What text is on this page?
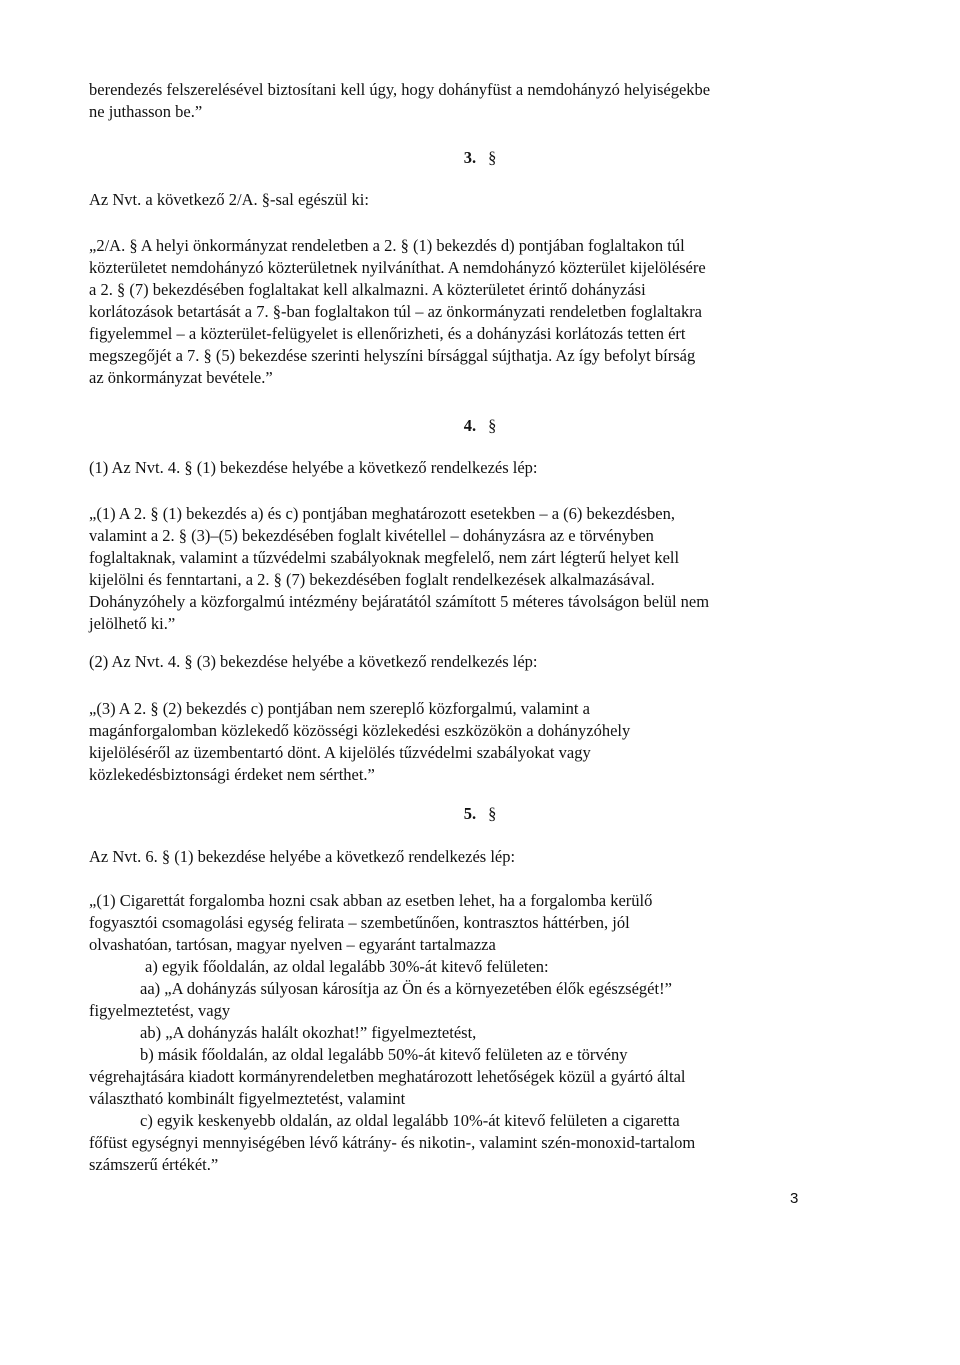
berendezés felszerelésével biztosítani kell úgy, hogy dohányfüst a nemdohányzó helyiségekbe
ne juthasson be.”
3. §
Az Nvt. a következő 2/A. §-sal egészül ki:
„2/A. § A helyi önkormányzat rendeletben a 2. § (1) bekezdés d) pontjában foglaltakon túl
közterületet nemdohányzó közterületnek nyilváníthat. A nemdohányzó közterület kijelölésére
a 2. § (7) bekezdésében foglaltakat kell alkalmazni. A közterületet érintő dohányzási
korlátozások betartását a 7. §-ban foglaltakon túl – az önkormányzati rendeletben foglaltakra
figyelemmel – a közterület-felügyelet is ellenőrizheti, és a dohányzási korlátozás tetten ért
megszegőjét a 7. § (5) bekezdése szerinti helyszíni bírsággal sújthatja. Az így befolyt bírság
az önkormányzat bevétele.”
4. §
(1) Az Nvt. 4. § (1) bekezdése helyébe a következő rendelkezés lép:
„(1) A 2. § (1) bekezdés a) és c) pontjában meghatározott esetekben – a (6) bekezdésben,
valamint a 2. § (3)–(5) bekezdésében foglalt kivétellel – dohányzásra az e törvényben
foglaltaknak, valamint a tűzvédelmi szabályoknak megfelelő, nem zárt légterű helyet kell
kijelölni és fenntartani, a 2. § (7) bekezdésében foglalt rendelkezések alkalmazásával.
Dohányzóhely a közforgalmú intézmény bejáratától számított 5 méteres távolságon belül nem
jelölhető ki.”
(2) Az Nvt. 4. § (3) bekezdése helyébe a következő rendelkezés lép:
„(3) A 2. § (2) bekezdés c) pontjában nem szereplő közforgalmú, valamint a
magánforgalomban közlekedő közösségi közlekedési eszközökön a dohányzóhely
kijelöléséről az üzembentartó dönt. A kijelölés tűzvédelmi szabályokat vagy
közlekedésbiztonsági érdeket nem sérthet.”
5. §
Az Nvt. 6. § (1) bekezdése helyébe a következő rendelkezés lép:
„(1) Cigarettát forgalomba hozni csak abban az esetben lehet, ha a forgalomba kerülő
fogyasztói csomagolási egység felirata – szembetűnően, kontrasztos háttérben, jól
olvashatóan, tartósan, magyar nyelven – egyaránt tartalmazza
a) egyik főoldalán, az oldal legalább 30%-át kitevő felületen:
aa) „A dohányzás súlyosan károsítja az Ön és a környezetében élők egészségét!”
figyelmeztetést, vagy
ab) „A dohányzás halált okozhat!” figyelmeztetést,
b) másik főoldalán, az oldal legalább 50%-át kitevő felületen az e törvény
végrehajtására kiadott kormányrendeletben meghatározott lehetőségek közül a gyártó által
választható kombinált figyelmeztetést, valamint
c) egyik keskenyebb oldalán, az oldal legalább 10%-át kitevő felületen a cigaretta
főfüst egységnyi mennyiségében lévő kátrány- és nikotin-, valamint szén-monoxid-tartalom
számszerű értékét.”
3
